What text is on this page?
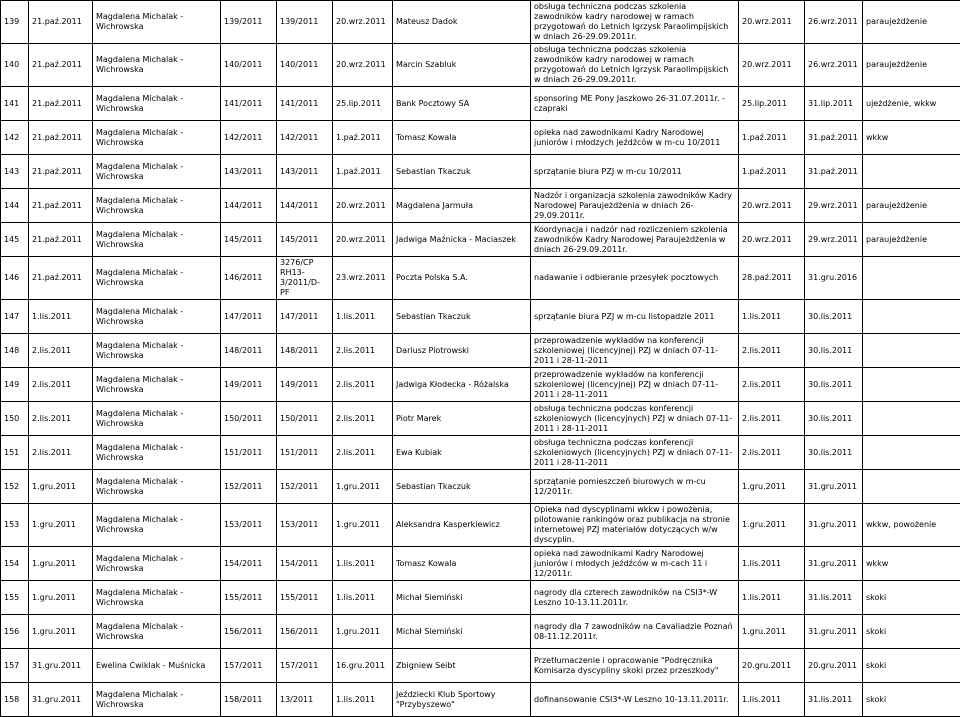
139	21.paź.2011	Magdalena Michalak - Wichrowska	139/2011	139/2011	20.wrz.2011	Mateusz Dadok	obsługa techniczna podczas szkolenia zawodników kadry narodowej w ramach przygotowań do Letnich Igrzysk Paraolimpijskich w dniach 26-29.09.2011r.	20.wrz.2011	26.wrz.2011	paraujeżdżenie
140	21.paź.2011	Magdalena Michalak - Wichrowska	140/2011	140/2011	20.wrz.2011	Marcin Szabluk	obsługa techniczna podczas szkolenia zawodników kadry narodowej w ramach przygotowań do Letnich Igrzysk Paraolimpijskich w dniach 26-29.09.2011r.	20.wrz.2011	26.wrz.2011	paraujeżdżenie
141	21.paź.2011	Magdalena Michalak - Wichrowska	141/2011	141/2011	25.lip.2011	Bank Pocztowy SA	sponsoring ME Pony Jaszkowo 26-31.07.2011r. - czapraki	25.lip.2011	31.lip.2011	ujeżdżenie, wkkw
142	21.paź.2011	Magdalena Michalak - Wichrowska	142/2011	142/2011	1.paź.2011	Tomasz Kowala	opieka nad zawodnikami Kadry Narodowej juniorów i młodzych jeźdźców w m-cu 10/2011	1.paź.2011	31.paź.2011	wkkw
143	21.paź.2011	Magdalena Michalak - Wichrowska	143/2011	143/2011	1.paź.2011	Sebastian Tkaczuk	sprzątanie biura PZJ w m-cu 10/2011	1.paź.2011	31.paź.2011	
144	21.paź.2011	Magdalena Michalak - Wichrowska	144/2011	144/2011	20.wrz.2011	Magdalena Jarmuła	Nadzór i organizacja szkolenia zawodników Kadry Narodowej Paraujeżdżenia w dniach 26-29.09.2011r.	20.wrz.2011	29.wrz.2011	paraujeżdżenie
145	21.paź.2011	Magdalena Michalak - Wichrowska	145/2011	145/2011	20.wrz.2011	Jadwiga Maźnicka - Maciaszek	Koordynacja i nadzór nad rozliczeniem szkolenia zawodników Kadry Narodowej Paraujeżdżenia w dniach 26-29.09.2011r.	20.wrz.2011	29.wrz.2011	paraujeżdżenie
146	21.paź.2011	Magdalena Michalak - Wichrowska	146/2011	3276/CP RH13-3/2011/D-PF	23.wrz.2011	Poczta Polska S.A.	nadawanie i odbieranie przesyłek pocztowych	28.paź.2011	31.gru.2016	
147	1.lis.2011	Magdalena Michalak - Wichrowska	147/2011	147/2011	1.lis.2011	Sebastian Tkaczuk	sprzątanie biura PZJ w m-cu listopadzie 2011	1.lis.2011	30.lis.2011	
148	2.lis.2011	Magdalena Michalak - Wichrowska	148/2011	148/2011	2.lis.2011	Dariusz Piotrowski	przeprowadzenie wykładów na konferencji szkoleniowej (licencyjnej) PZJ w dniach 07-11-2011 i 28-11-2011	2.lis.2011	30.lis.2011	
149	2.lis.2011	Magdalena Michalak - Wichrowska	149/2011	149/2011	2.lis.2011	Jadwiga Kłodecka - Różalska	przeprowadzenie wykładów na konferencji szkoleniowej (licencyjnej) PZJ w dniach 07-11-2011 i 28-11-2011	2.lis.2011	30.lis.2011	
150	2.lis.2011	Magdalena Michalak - Wichrowska	150/2011	150/2011	2.lis.2011	Piotr Marek	obsługa techniczna podczas konferencji szkoleniowych (licencyjnych) PZJ w dniach 07-11-2011 i 28-11-2011	2.lis.2011	30.lis.2011	
151	2.lis.2011	Magdalena Michalak - Wichrowska	151/2011	151/2011	2.lis.2011	Ewa Kubiak	obsługa techniczna podczas konferencji szkoleniowych (licencyjnych) PZJ w dniach 07-11-2011 i 28-11-2011	2.lis.2011	30.lis.2011	
152	1.gru.2011	Magdalena Michalak - Wichrowska	152/2011	152/2011	1.gru.2011	Sebastian Tkaczuk	sprzątanie pomieszczeń biurowych w m-cu 12/2011r.	1.gru.2011	31.gru.2011	
153	1.gru.2011	Magdalena Michalak - Wichrowska	153/2011	153/2011	1.gru.2011	Aleksandra Kasperkiewicz	Opieka nad dyscyplinami wkkw i powożenia, pilotowanie rankingów oraz publikacja na stronie internetowej PZJ materiałów dotyczących w/w dyscyplin.	1.gru.2011	31.gru.2011	wkkw, powożenie
154	1.gru.2011	Magdalena Michalak - Wichrowska	154/2011	154/2011	1.lis.2011	Tomasz Kowala	opieka nad zawodnikami Kadry Narodowej juniorów i młodych jeźdźców w m-cach 11 i 12/2011r.	1.lis.2011	31.gru.2011	wkkw
155	1.gru.2011	Magdalena Michalak - Wichrowska	155/2011	155/2011	1.lis.2011	Michał Siemiński	nagrody dla czterech zawodników na CSI3*-W Leszno 10-13.11.2011r.	1.lis.2011	31.lis.2011	skoki
156	1.gru.2011	Magdalena Michalak - Wichrowska	156/2011	156/2011	1.gru.2011	Michał Siemiński	nagrody dla 7 zawodników na Cavaliadzie Poznań 08-11.12.2011r.	1.gru.2011	31.gru.2011	skoki
157	31.gru.2011	Ewelina Ćwiklak - Muśnicka	157/2011	157/2011	16.gru.2011	Zbigniew Seibt	Przetłumaczenie i opracowanie "Podręcznika Komisarza dyscypliny skoki przez przeszkody"	20.gru.2011	20.gru.2011	skoki
158	31.gru.2011	Magdalena Michalak - Wichrowska	158/2011	13/2011	1.lis.2011	Jeździecki Klub Sportowy "Przybyszewo"	dofinansowanie CSI3*-W Leszno 10-13.11.2011r.	1.lis.2011	31.lis.2011	skoki
